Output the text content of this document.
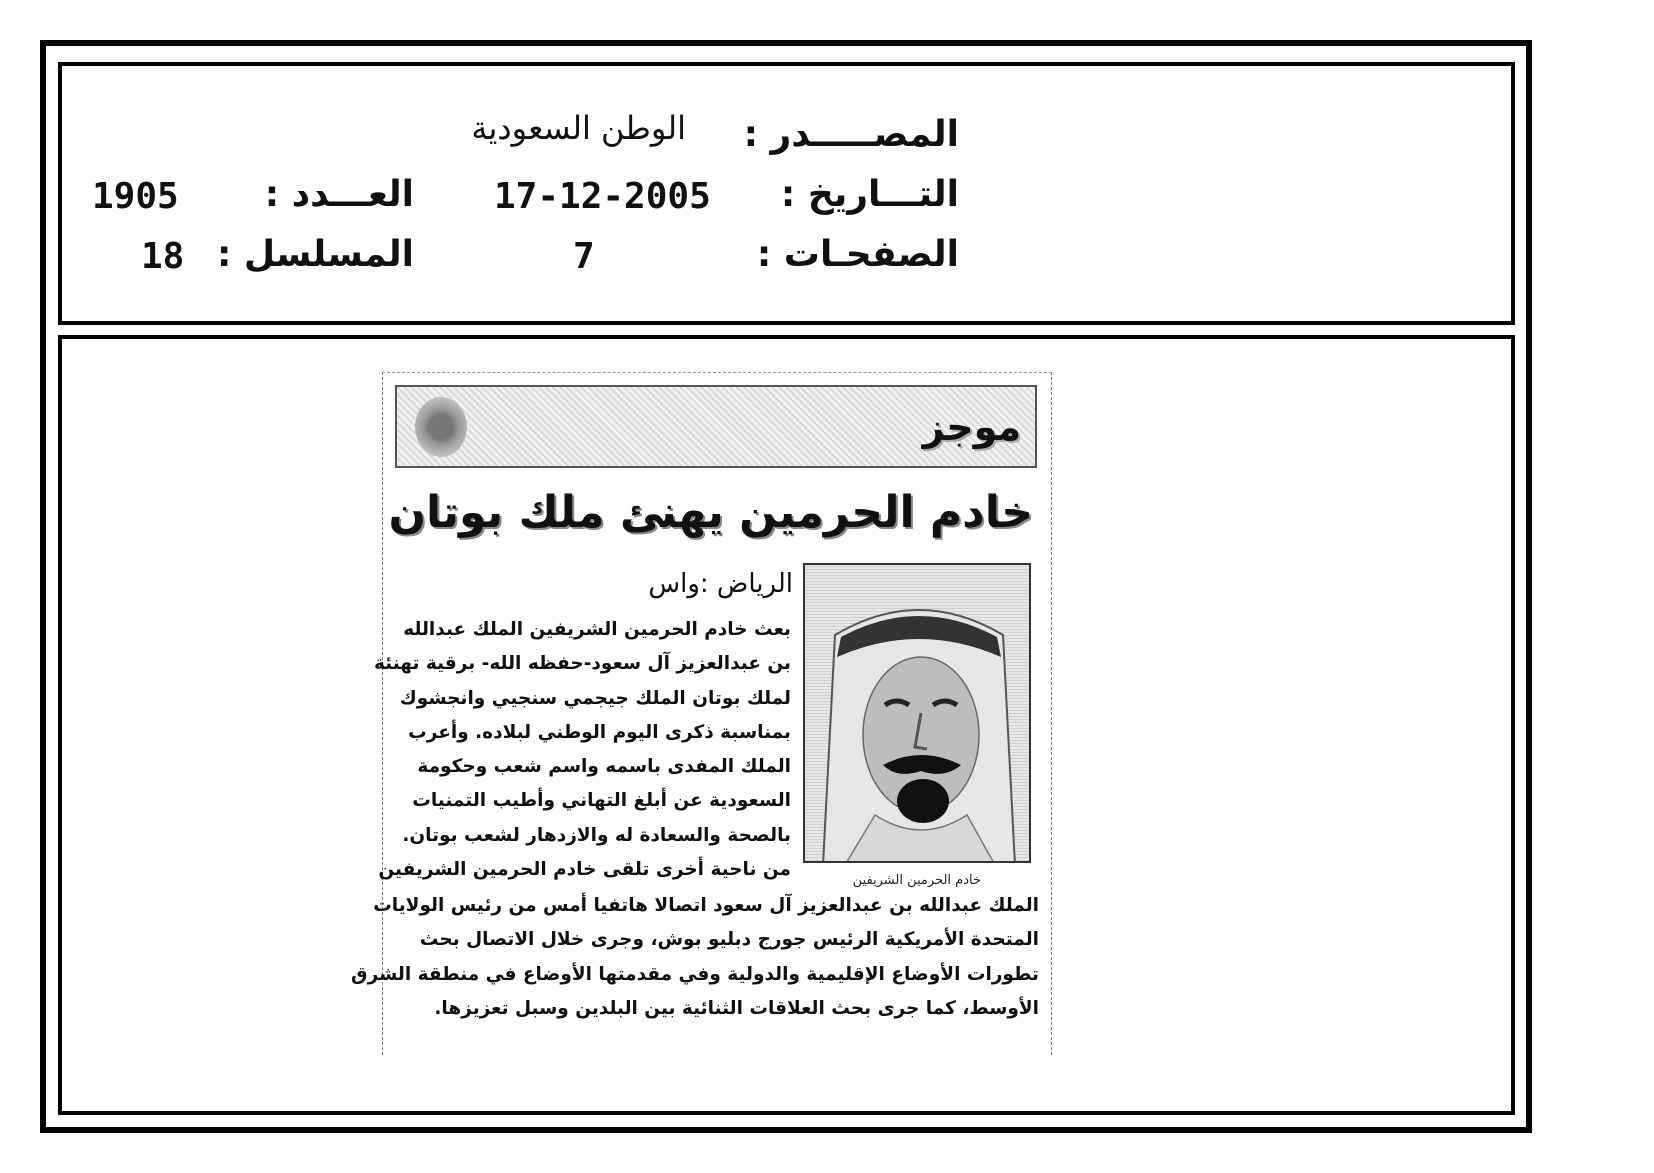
المصـــــدر :
الوطن السعودية
التـــاريخ :
17-12-2005
العـــدد :
1905
الصفحـات :
7
المسلسل :
18
موجز
خادم الحرمين يهنئ ملك بوتان
خادم الحرمين الشريفين
الرياض :واس
بعث خادم الحرمين الشريفين الملك عبدالله
بن عبدالعزيز آل سعود-حفظه الله- برقية تهنئة
لملك بوتان الملك جيجمي سنجيي وانجشوك
بمناسبة ذكرى اليوم الوطني لبلاده. وأعرب
الملك المفدى باسمه واسم شعب وحكومة
السعودية عن أبلغ التهاني وأطيب التمنيات
بالصحة والسعادة له والازدهار لشعب بوتان.
من ناحية أخرى تلقى خادم الحرمين الشريفين
الملك عبدالله بن عبدالعزيز آل سعود اتصالا هاتفيا أمس من رئيس الولايات
المتحدة الأمريكية الرئيس جورج دبليو بوش، وجرى خلال الاتصال بحث
تطورات الأوضاع الإقليمية والدولية وفي مقدمتها الأوضاع في منطقة الشرق
الأوسط، كما جرى بحث العلاقات الثنائية بين البلدين وسبل تعزيزها.
